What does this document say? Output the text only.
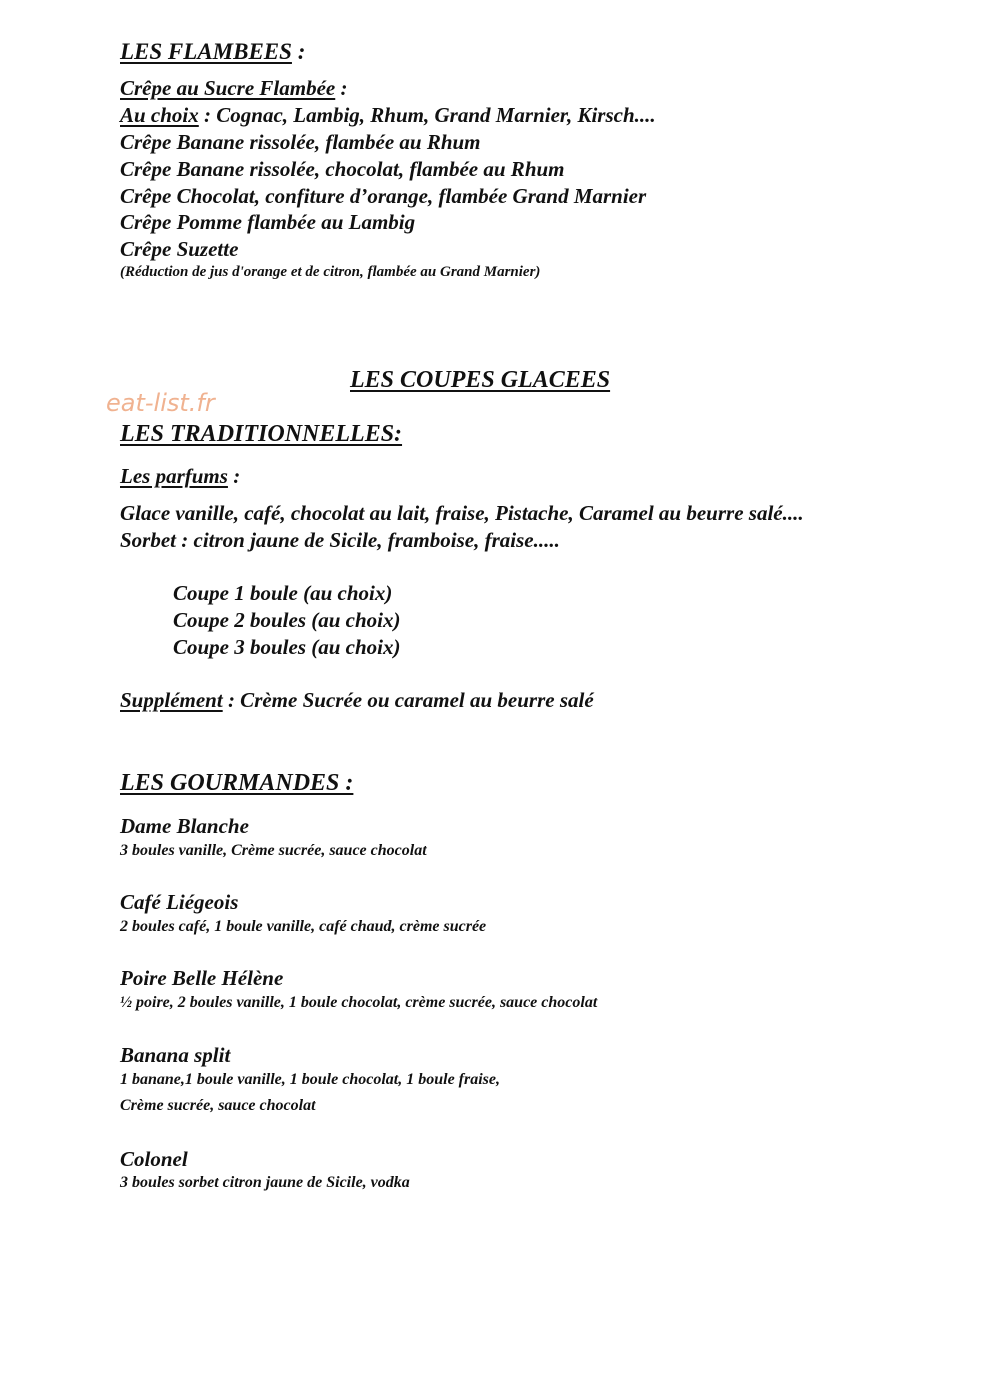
LES FLAMBEES :
Crêpe au Sucre Flambée :
Au choix : Cognac, Lambig, Rhum, Grand Marnier, Kirsch....
Crêpe Banane rissolée, flambée au Rhum
Crêpe Banane rissolée, chocolat, flambée au Rhum
Crêpe Chocolat, confiture d’orange, flambée Grand Marnier
Crêpe Pomme flambée au Lambig
Crêpe Suzette
(Réduction de jus d'orange et de citron, flambée au Grand Marnier)
LES COUPES GLACEES
eat-list.fr
LES TRADITIONNELLES:
Les parfums :
Glace vanille, café, chocolat au lait, fraise, Pistache, Caramel au beurre salé....
Sorbet : citron jaune de Sicile, framboise, fraise.....
Coupe 1 boule (au choix)
Coupe 2 boules (au choix)
Coupe 3 boules (au choix)
Supplément : Crème Sucrée ou caramel au beurre salé
LES GOURMANDES :
Dame Blanche
3 boules vanille, Crème sucrée, sauce chocolat
Café Liégeois
2 boules café, 1 boule vanille, café chaud, crème sucrée
Poire Belle Hélène
½ poire, 2 boules vanille, 1 boule chocolat, crème sucrée, sauce chocolat
Banana split
1 banane,1 boule vanille, 1 boule chocolat, 1 boule fraise,
Crème sucrée, sauce chocolat
Colonel
3 boules sorbet citron jaune de Sicile, vodka
